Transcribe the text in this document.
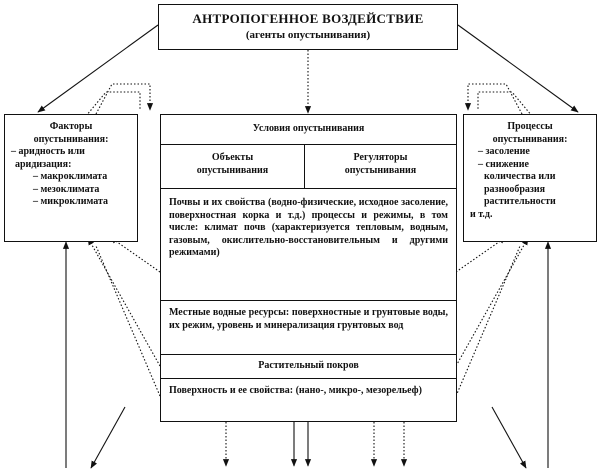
АНТРОПОГЕННОЕ ВОЗДЕЙСТВИЕ
(агенты опустынивания)
Факторы
опустынивания:
– аридность или
аридизация:
– макроклимата
– мезоклимата
– микроклимата
Процессы
опустынивания:
– засоление
– снижение
количества или
разнообразия
растительности
и т.д.
Условия опустынивания
Объекты опустынивания
Регуляторы опустынивания
Почвы и их свойства (водно-физические, исходное засоление, поверхностная корка и т.д.) процессы и режимы, в том числе: климат почв (характеризуется тепловым, водным, газовым, окислительно-восстановительным и другими режимами)
Местные водные ресурсы: поверхностные и грунтовые воды, их режим, уровень и минерализация грунтовых вод
Растительный покров
Поверхность и ее свойства: (нано-, микро-, мезорельеф)
